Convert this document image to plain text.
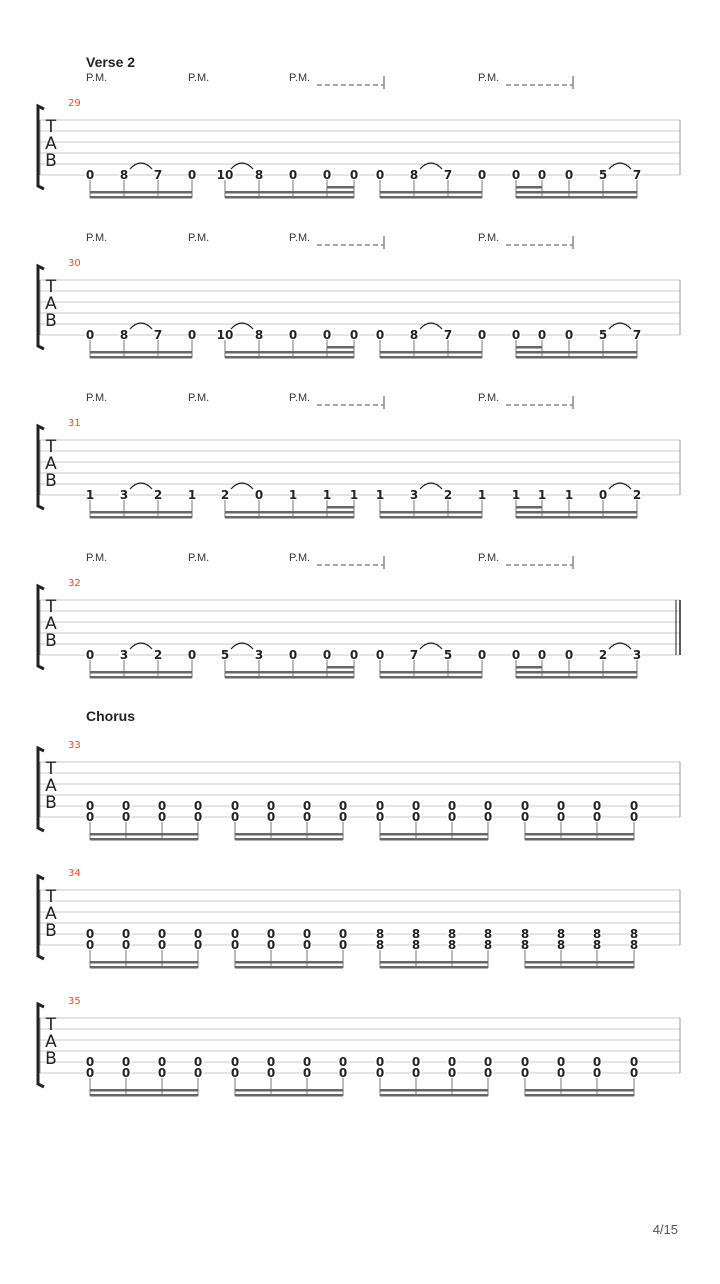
Verse 2
Chorus
P.M.	P.M.	P.M.	P.M.
29
T
A
B
0 8 7 0 10 8 0 0 0 0 8 7 0 0 0 0 5 7
P.M.	P.M.	P.M.	P.M.
30
T
A
B
0 8 7 0 10 8 0 0 0 0 8 7 0 0 0 0 5 7
P.M.	P.M.	P.M.	P.M.
31
T
A
B
1 3 2 1 2 0 1 1 1 1 3 2 1 1 1 1 0 2
P.M.	P.M.	P.M.	P.M.
32
T
A
B
0 3 2 0 5 3 0 0 0 0 7 5 0 0 0 0 2 3
33
T
A
B 0 0 0 0 0 0 0 0 0 0 0 0 0 0 0 0
0 0 0 0 0 0 0 0 0 0 0 0 0 0 0 0
34
T
A
B 0 0 0 0 0 0 0 0 8 8 8 8 8 8 8 8
0 0 0 0 0 0 0 0 8 8 8 8 8 8 8 8
35
T
A
B 0 0 0 0 0 0 0 0 0 0 0 0 0 0 0 0
0 0 0 0 0 0 0 0 0 0 0 0 0 0 0 0
4/15
